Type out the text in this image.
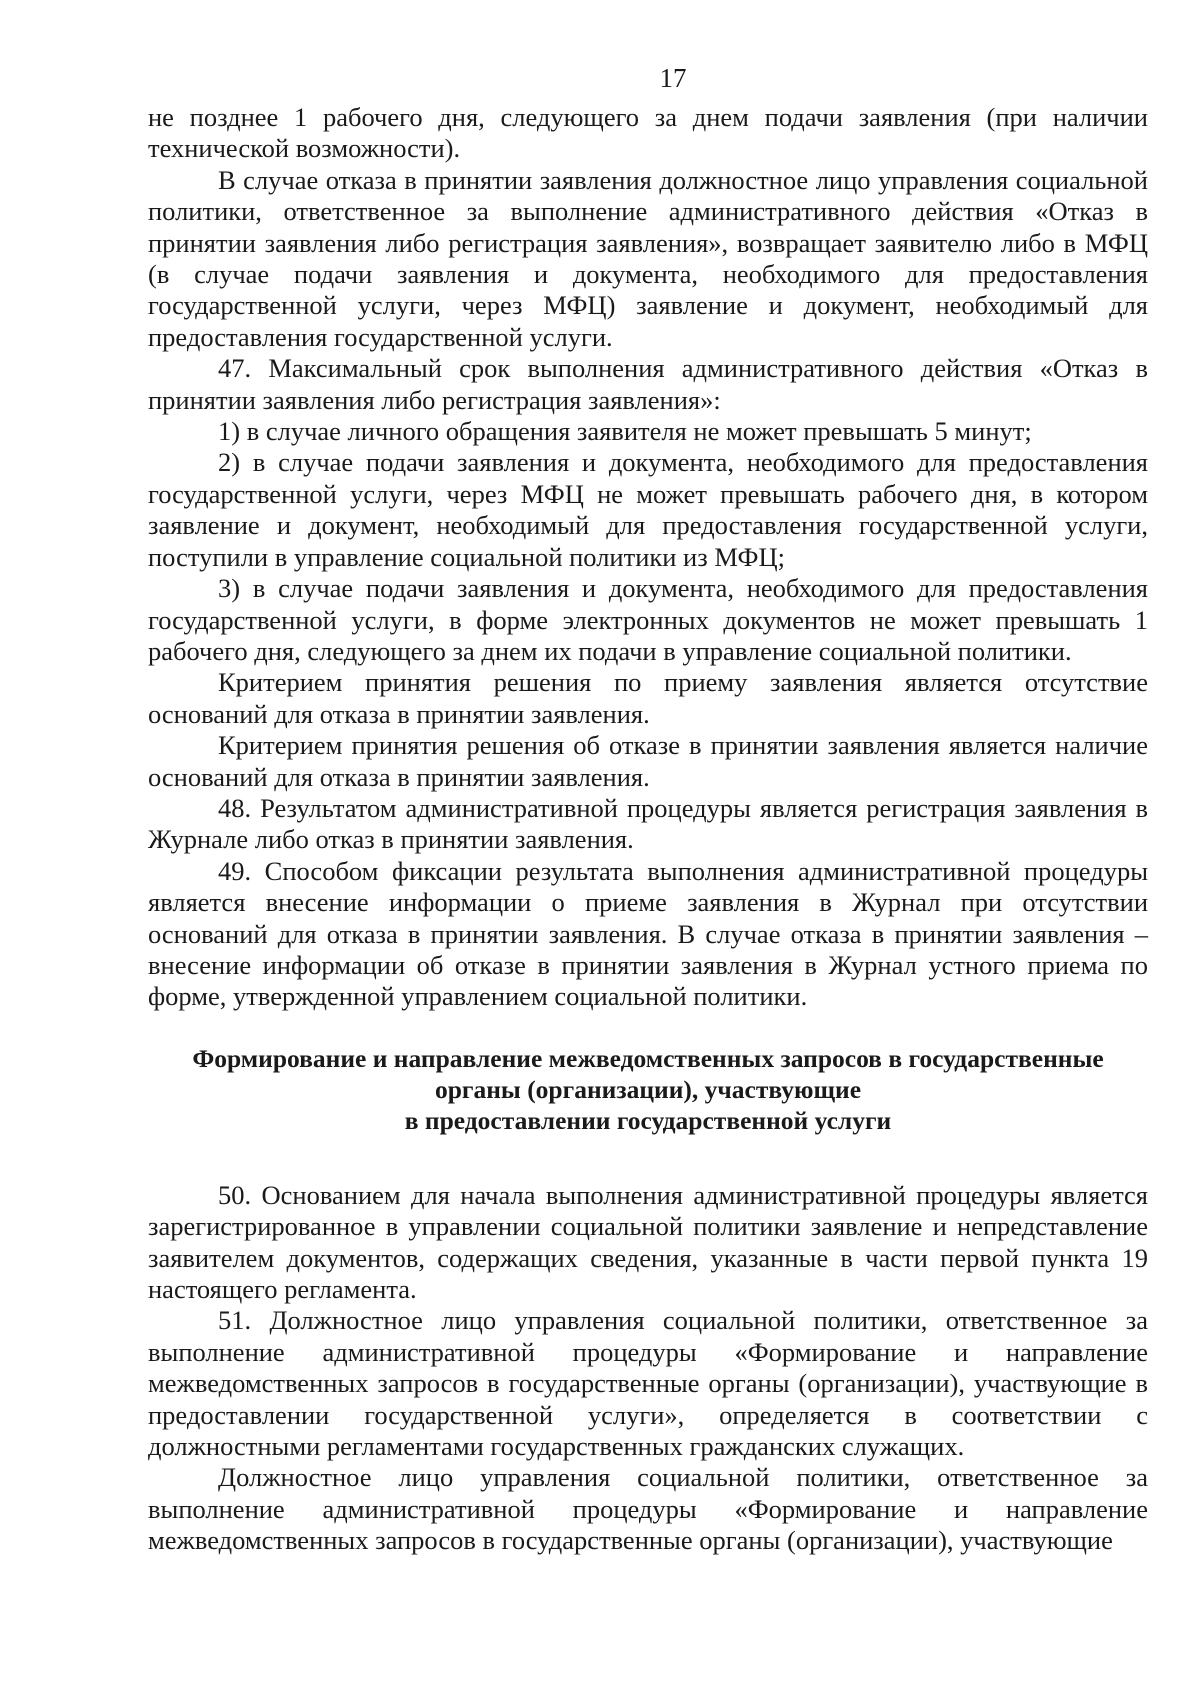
17

не позднее 1 рабочего дня, следующего за днем подачи заявления (при наличии технической возможности).

В случае отказа в принятии заявления должностное лицо управления социальной политики, ответственное за выполнение административного действия «Отказ в принятии заявления либо регистрация заявления», возвращает заявителю либо в МФЦ (в случае подачи заявления и документа, необходимого для предоставления государственной услуги, через МФЦ) заявление и документ, необходимый для предоставления государственной услуги.

47. Максимальный срок выполнения административного действия «Отказ в принятии заявления либо регистрация заявления»:

1) в случае личного обращения заявителя не может превышать 5 минут;

2) в случае подачи заявления и документа, необходимого для предоставления государственной услуги, через МФЦ не может превышать рабочего дня, в котором заявление и документ, необходимый для предоставления государственной услуги, поступили в управление социальной политики из МФЦ;

3) в случае подачи заявления и документа, необходимого для предоставления государственной услуги, в форме электронных документов не может превышать 1 рабочего дня, следующего за днем их подачи в управление социальной политики.

Критерием принятия решения по приему заявления является отсутствие оснований для отказа в принятии заявления.

Критерием принятия решения об отказе в принятии заявления является наличие оснований для отказа в принятии заявления.

48. Результатом административной процедуры является регистрация заявления в Журнале либо отказ в принятии заявления.

49. Способом фиксации результата выполнения административной процедуры является внесение информации о приеме заявления в Журнал при отсутствии оснований для отказа в принятии заявления. В случае отказа в принятии заявления – внесение информации об отказе в принятии заявления в Журнал устного приема по форме, утвержденной управлением социальной политики.

Формирование и направление межведомственных запросов в государственные
органы (организации), участвующие
в предоставлении государственной услуги

50. Основанием для начала выполнения административной процедуры является зарегистрированное в управлении социальной политики заявление и непредставление заявителем документов, содержащих сведения, указанные в части первой пункта 19 настоящего регламента.

51. Должностное лицо управления социальной политики, ответственное за выполнение административной процедуры «Формирование и направление межведомственных запросов в государственные органы (организации), участвующие в предоставлении государственной услуги», определяется в соответствии с должностными регламентами государственных гражданских служащих.

Должностное лицо управления социальной политики, ответственное за выполнение административной процедуры «Формирование и направление межведомственных запросов в государственные органы (организации), участвующие
